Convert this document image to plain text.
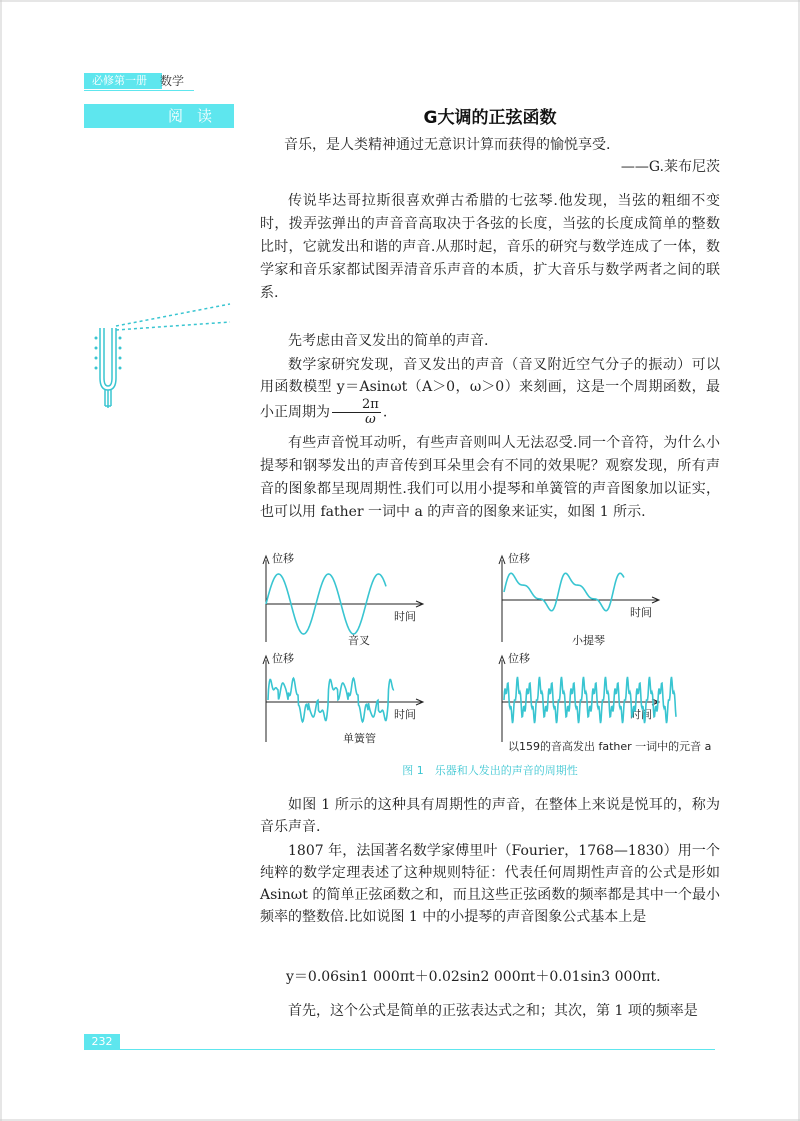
必修第一册	数学
阅读	G大调的正弦函数
音乐，是人类精神通过无意识计算而获得的愉悦享受.
——G.莱布尼茨
传说毕达哥拉斯很喜欢弹古希腊的七弦琴.他发现，当弦的粗细不变时，拨弄弦弹出的声音音高取决于各弦的长度，当弦的长度成简单的整数比时，它就发出和谐的声音.从那时起，音乐的研究与数学连成了一体，数学家和音乐家都试图弄清音乐声音的本质，扩大音乐与数学两者之间的联系.
先考虑由音叉发出的简单的声音.
数学家研究发现，音叉发出的声音（音叉附近空气分子的振动）可以用函数模型 y＝Asinωt（A＞0，ω＞0）来刻画，这是一个周期函数，最小正周期为 $\frac{2\pi}{\omega}$ .
有些声音悦耳动听，有些声音则叫人无法忍受.同一个音符，为什么小提琴和钢琴发出的声音传到耳朵里会有不同的效果呢？观察发现，所有声音的图象都呈现周期性.我们可以用小提琴和单簧管的声音图象加以证实，也可以用 father 一词中 a 的声音的图象来证实，如图 1 所示.
位移
时间
位移
时间
位移
时间
位移
时间
音叉	小提琴
单簧管
以159的音高发出 father 一词中的元音 a
图 1　乐器和人发出的声音的周期性
如图 1 所示的这种具有周期性的声音，在整体上来说是悦耳的，称为音乐声音.
1807 年，法国著名数学家傅里叶（Fourier，1768—1830）用一个纯粹的数学定理表述了这种规则特征：代表任何周期性声音的公式是形如 Asinωt 的简单正弦函数之和，而且这些正弦函数的频率都是其中一个最小频率的整数倍.比如说图 1 中的小提琴的声音图象公式基本上是
y＝0.06sin1 000πt＋0.02sin2 000πt＋0.01sin3 000πt.
首先，这个公式是简单的正弦表达式之和；其次，第 1 项的频率是
232
